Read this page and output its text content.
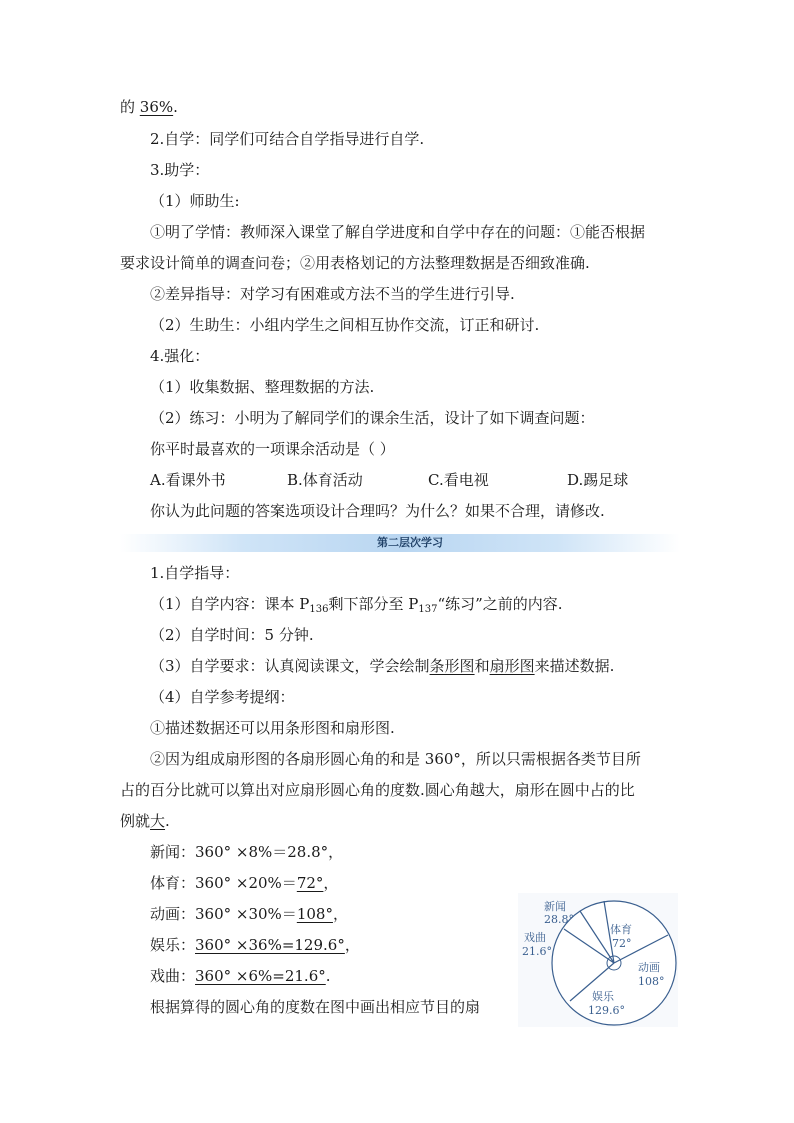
的 36%.
2.自学：同学们可结合自学指导进行自学.
3.助学：
（1）师助生:
①明了学情：教师深入课堂了解自学进度和自学中存在的问题：①能否根据
要求设计简单的调查问卷；②用表格划记的方法整理数据是否细致准确.
②差异指导：对学习有困难或方法不当的学生进行引导.
（2）生助生：小组内学生之间相互协作交流，订正和研讨.
4.强化：
（1）收集数据、整理数据的方法.
（2）练习：小明为了解同学们的课余生活，设计了如下调查问题：
你平时最喜欢的一项课余活动是（ ）
A.看课外书	B.体育活动	C.看电视	D.踢足球
你认为此问题的答案选项设计合理吗？为什么？如果不合理，请修改.
第二层次学习
1.自学指导：
（1）自学内容：课本 $P_{136}$剩下部分至 $P_{137}“$练习”之前的内容.
（2）自学时间：5 分钟.
（3）自学要求：认真阅读课文，学会绘制条形图和扇形图来描述数据.
（4）自学参考提纲：
①描述数据还可以用条形图和扇形图.
②因为组成扇形图的各扇形圆心角的和是 360°，所以只需根据各类节目所
占的百分比就可以算出对应扇形圆心角的度数.圆心角越大，扇形在圆中占的比
例就大.
新闻：360° ×8%＝28.8°，
体育：360° ×20%＝72°，
动画：360° ×30%＝108°，
娱乐：360° ×36%=129.6°，
戏曲：360° ×6%=21.6°.
根据算得的圆心角的度数在图中画出相应节目的扇
新闻
28.8°
体育
72°
戏曲
21.6°
动画
108°
娱乐
129.6°
